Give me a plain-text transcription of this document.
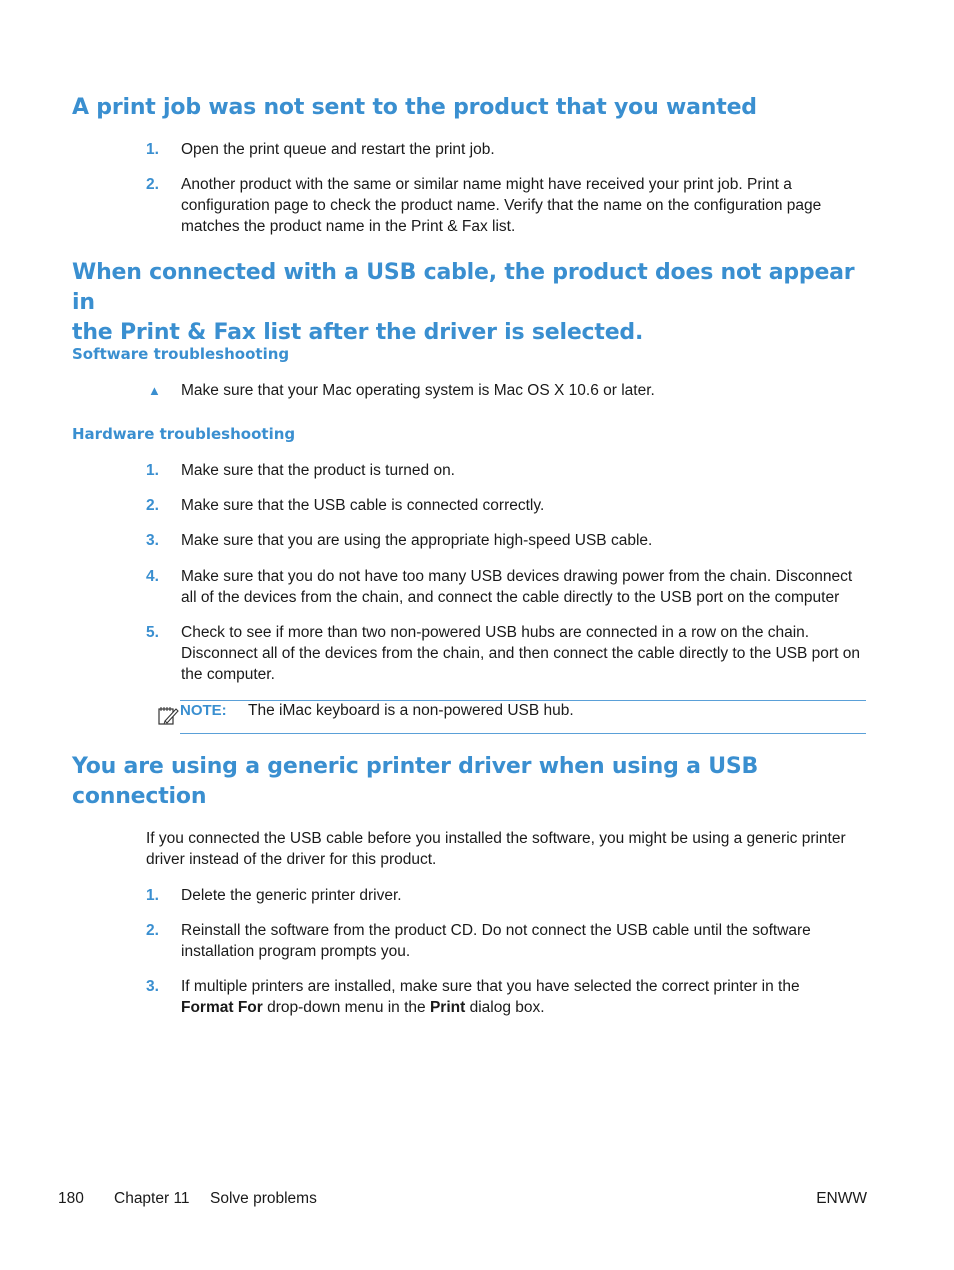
A print job was not sent to the product that you wanted
1.	Open the print queue and restart the print job.
2.	Another product with the same or similar name might have received your print job. Print a configuration page to check the product name. Verify that the name on the configuration page matches the product name in the Print & Fax list.
When connected with a USB cable, the product does not appear in
the Print & Fax list after the driver is selected.
Software troubleshooting
▲ Make sure that your Mac operating system is Mac OS X 10.6 or later.
Hardware troubleshooting
1.	Make sure that the product is turned on.
2.	Make sure that the USB cable is connected correctly.
3.	Make sure that you are using the appropriate high-speed USB cable.
4.	Make sure that you do not have too many USB devices drawing power from the chain. Disconnect all of the devices from the chain, and connect the cable directly to the USB port on the computer
5.	Check to see if more than two non-powered USB hubs are connected in a row on the chain. Disconnect all of the devices from the chain, and then connect the cable directly to the USB port on the computer.
NOTE: The iMac keyboard is a non-powered USB hub.
You are using a generic printer driver when using a USB
connection
If you connected the USB cable before you installed the software, you might be using a generic printer driver instead of the driver for this product.
1.	Delete the generic printer driver.
2.	Reinstall the software from the product CD. Do not connect the USB cable until the software installation program prompts you.
3.	If multiple printers are installed, make sure that you have selected the correct printer in the
Format For drop-down menu in the Print dialog box.
180 Chapter 11 Solve problems	ENWW
